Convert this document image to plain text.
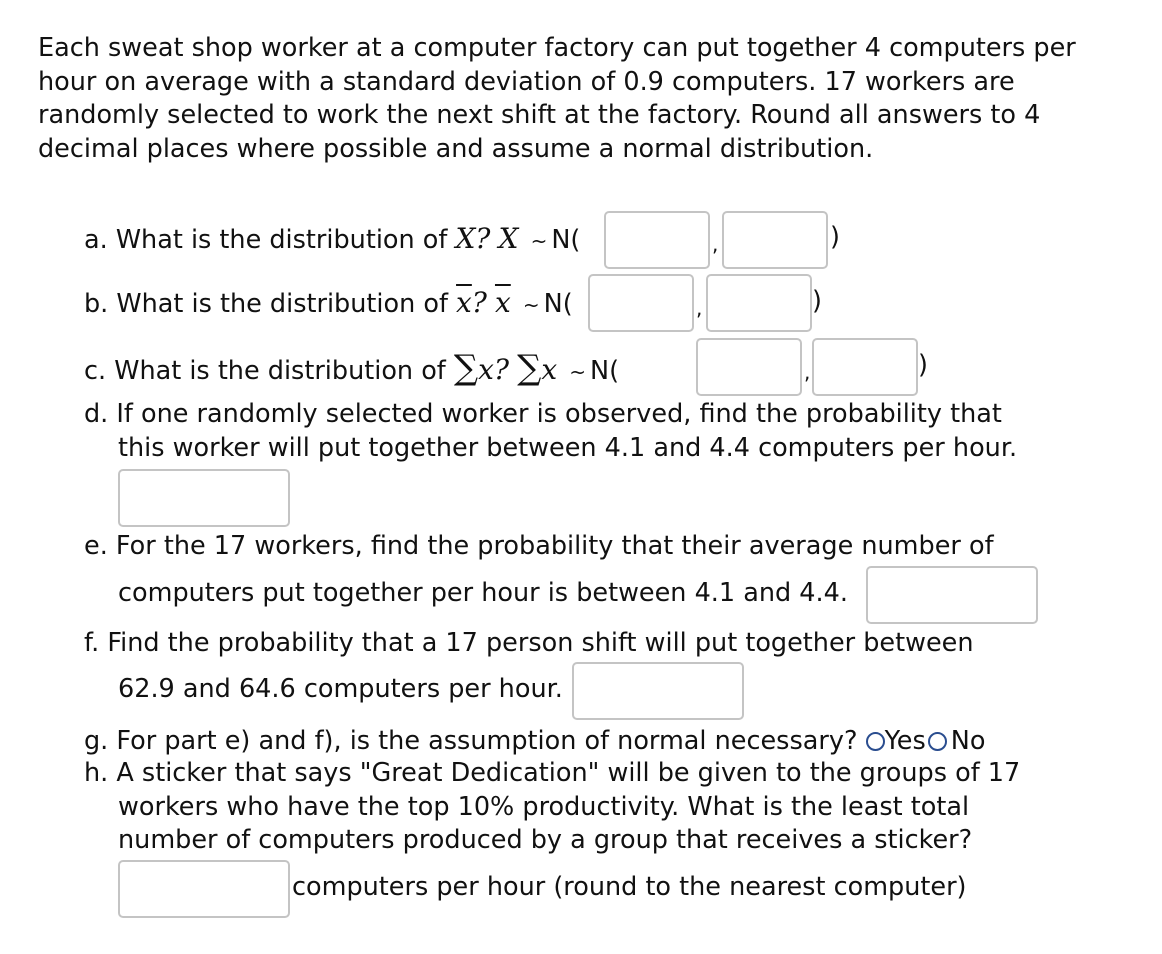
Each sweat shop worker at a computer factory can put together 4 computers per hour on average with a standard deviation of 0.9 computers. 17 workers are randomly selected to work the next shift at the factory. Round all answers to 4 decimal places where possible and assume a normal distribution.

a. What is the distribution of X? X ~ N(	,	)
b. What is the distribution of $\overline{x}$? $\overline{x}$ ~ N(	,	)
c. What is the distribution of ∑x? ∑x ~ N(	,	)
d. If one randomly selected worker is observed, find the probability that
this worker will put together between 4.1 and 4.4 computers per hour.
e. For the 17 workers, find the probability that their average number of
computers put together per hour is between 4.1 and 4.4.
f. Find the probability that a 17 person shift will put together between
62.9 and 64.6 computers per hour.
g. For part e) and f), is the assumption of normal necessary? Yes No
h. A sticker that says "Great Dedication" will be given to the groups of 17
workers who have the top 10% productivity. What is the least total
number of computers produced by a group that receives a sticker?
computers per hour (round to the nearest computer)
